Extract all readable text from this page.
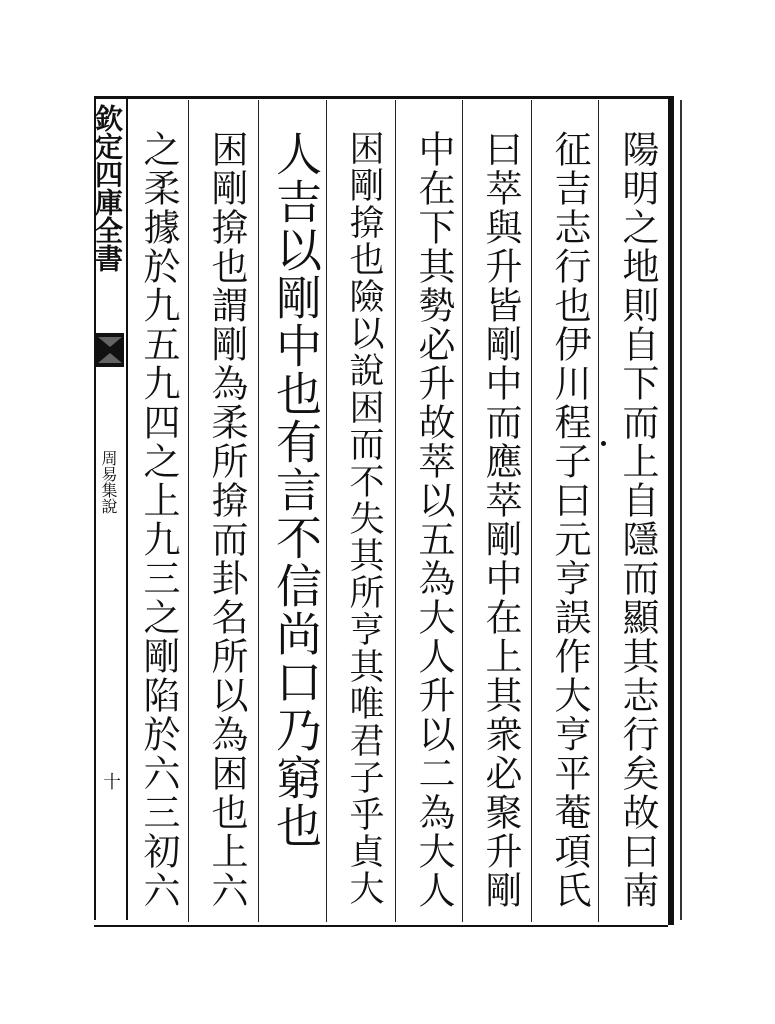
欽定四庫全書
周易集說
十	陽明之地則自下而上自隱而顯其志行矣故曰南
征吉志行也伊川程子曰元亨誤作大亨平菴項氏
曰萃與升皆剛中而應萃剛中在上其衆必聚升剛
中在下其勢必升故萃以五為大人升以二為大人
困剛揜也險以說困而不失其所亨其唯君子乎貞大
人吉以剛中也有言不信尚口乃窮也
困剛揜也謂剛為柔所揜而卦名所以為困也上六
之柔據於九五九四之上九三之剛陷於六三初六
